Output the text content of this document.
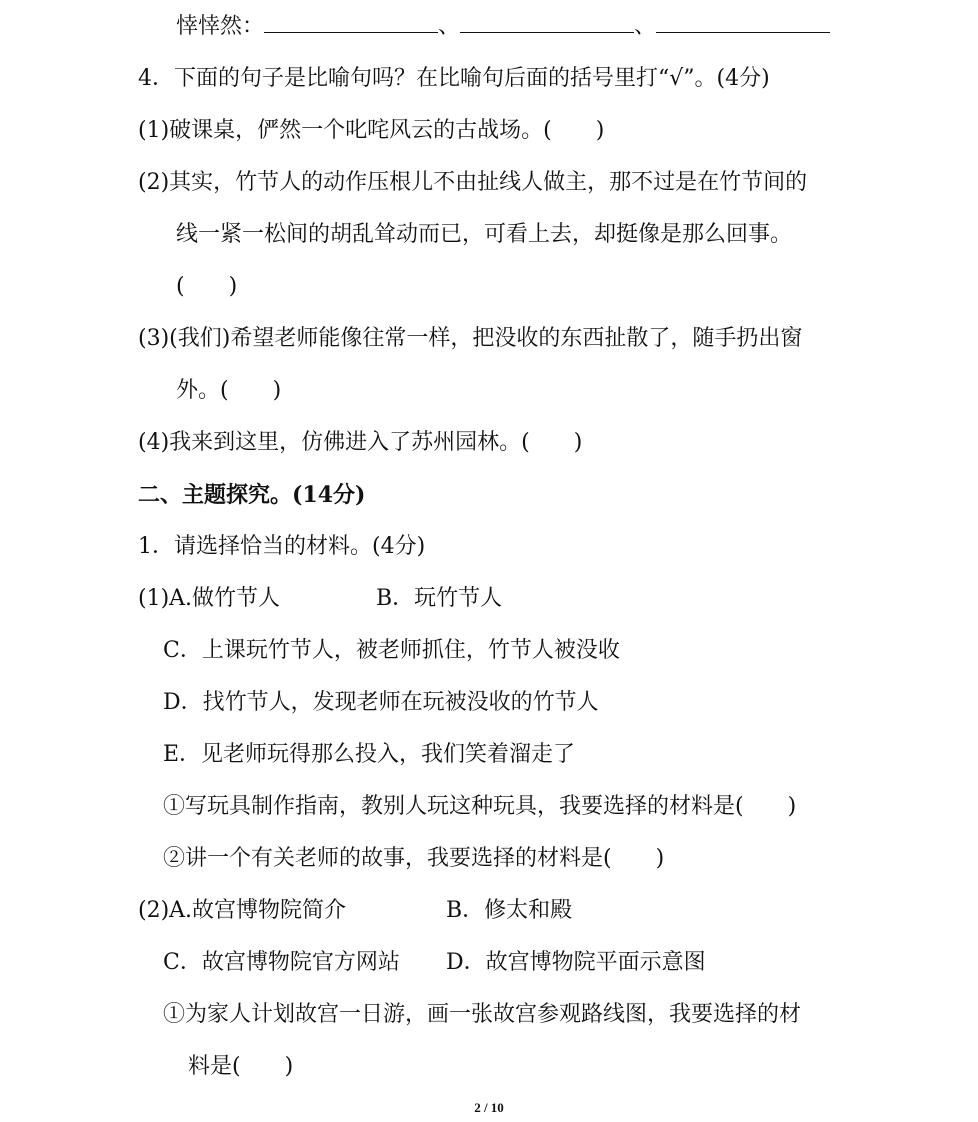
悻悻然：	、	、
4．下面的句子是比喻句吗？在比喻句后面的括号里打“√”。(4分)
(1)破课桌，俨然一个叱咤风云的古战场。( )
(2)其实，竹节人的动作压根儿不由扯线人做主，那不过是在竹节间的
线一紧一松间的胡乱耸动而已，可看上去，却挺像是那么回事。
( )
(3)(我们)希望老师能像往常一样，把没收的东西扯散了，随手扔出窗
外。( )
(4)我来到这里，仿佛进入了苏州园林。( )
二、主题探究。(14分)
1．请选择恰当的材料。(4分)
(1)A.做竹节人	B．玩竹节人
C．上课玩竹节人，被老师抓住，竹节人被没收
D．找竹节人，发现老师在玩被没收的竹节人
E．见老师玩得那么投入，我们笑着溜走了
①写玩具制作指南，教别人玩这种玩具，我要选择的材料是( )
②讲一个有关老师的故事，我要选择的材料是( )
(2)A.故宫博物院简介	B．修太和殿
C．故宫博物院官方网站 D．故宫博物院平面示意图
①为家人计划故宫一日游，画一张故宫参观路线图，我要选择的材
料是( )
2 / 10
